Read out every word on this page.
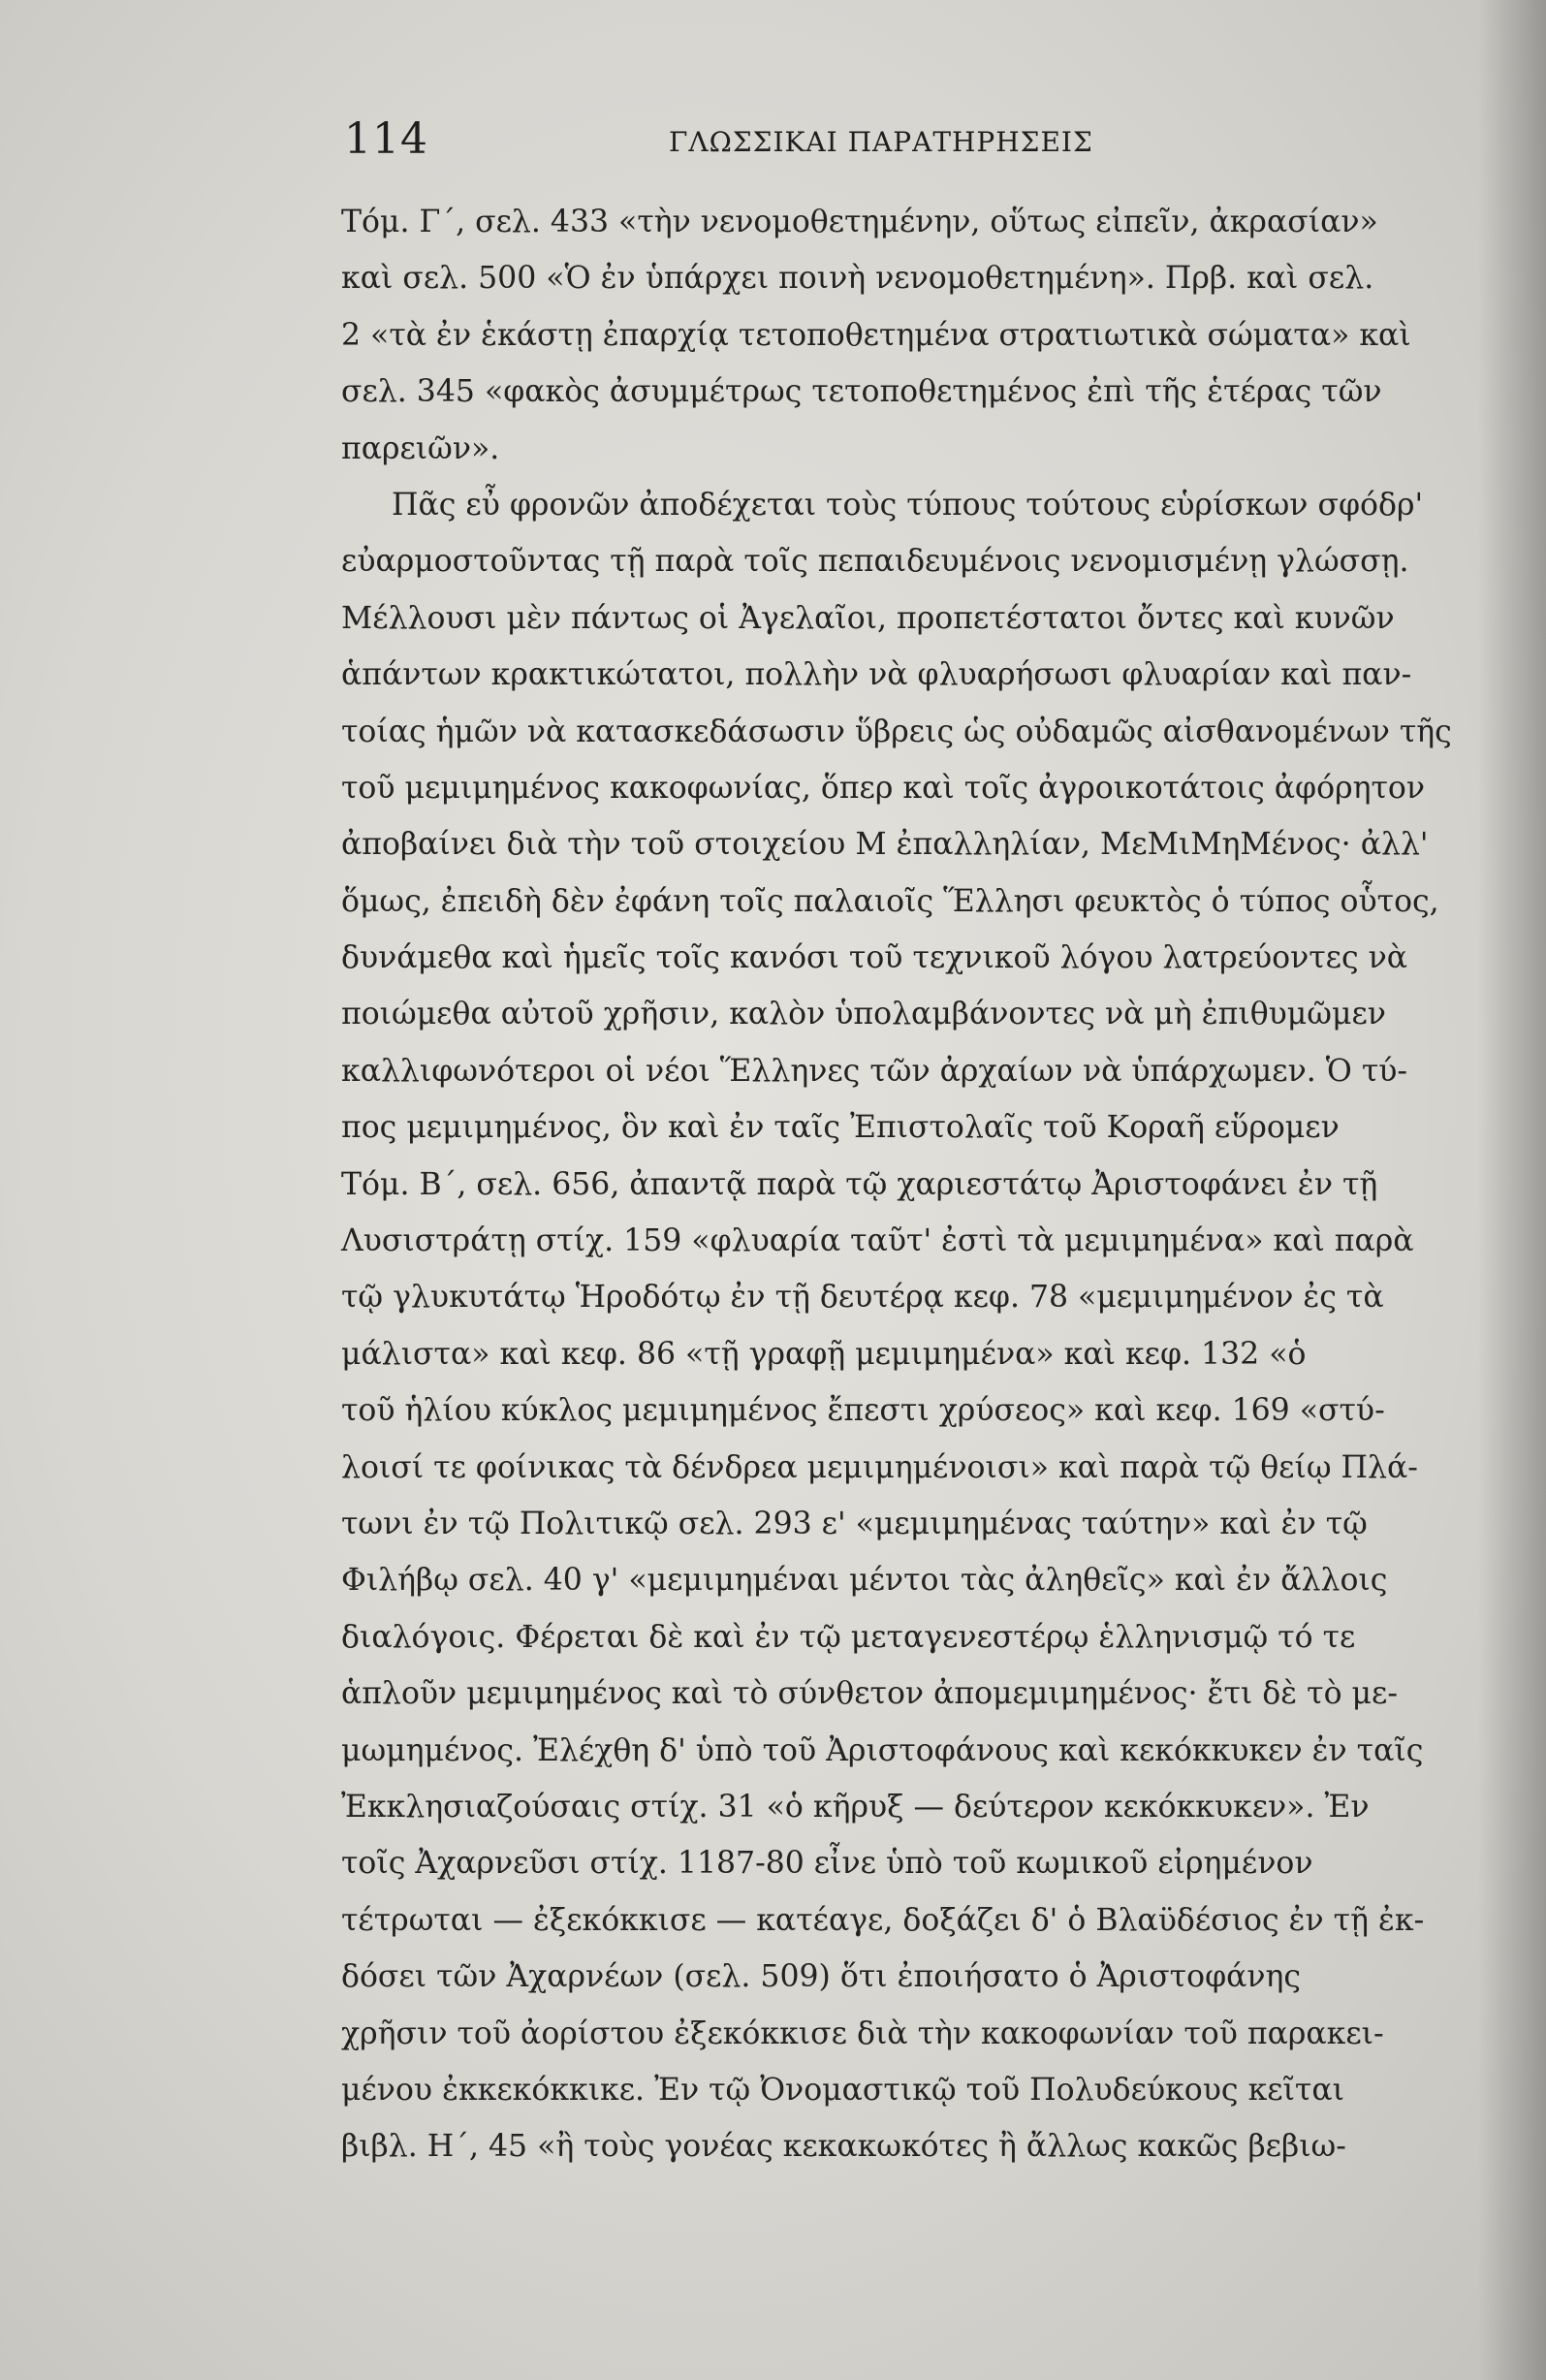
114	ΓΛΩΣΣΙΚΑΙ ΠΑΡΑΤΗΡΗΣΕΙΣ
Τόμ. Γ΄, σελ. 433 «τὴν νενομοθετημένην, οὕτως εἰπεῖν, ἀκρασίαν»
καὶ σελ. 500 «Ὁ ἐν ὑπάρχει ποινὴ νενομοθετημένη». Πρβ. καὶ σελ.
2 «τὰ ἐν ἑκάστῃ ἐπαρχίᾳ τετοποθετημένα στρατιωτικὰ σώματα» καὶ
σελ. 345 «φακὸς ἀσυμμέτρως τετοποθετημένος ἐπὶ τῆς ἑτέρας τῶν
παρειῶν».
Πᾶς εὖ φρονῶν ἀποδέχεται τοὺς τύπους τούτους εὑρίσκων σφόδρ'
εὐαρμοστοῦντας τῇ παρὰ τοῖς πεπαιδευμένοις νενομισμένῃ γλώσσῃ.
Μέλλουσι μὲν πάντως οἱ Ἀγελαῖοι, προπετέστατοι ὄντες καὶ κυνῶν
ἁπάντων κρακτικώτατοι, πολλὴν νὰ φλυαρήσωσι φλυαρίαν καὶ παν-
τοίας ἡμῶν νὰ κατασκεδάσωσιν ὕβρεις ὡς οὐδαμῶς αἰσθανομένων τῆς
τοῦ μεμιμημένος κακοφωνίας, ὅπερ καὶ τοῖς ἀγροικοτάτοις ἀφόρητον
ἀποβαίνει διὰ τὴν τοῦ στοιχείου Μ ἐπαλληλίαν, ΜεΜιΜηΜένος· ἀλλ'
ὅμως, ἐπειδὴ δὲν ἐφάνη τοῖς παλαιοῖς Ἕλλησι φευκτὸς ὁ τύπος οὗτος,
δυνάμεθα καὶ ἡμεῖς τοῖς κανόσι τοῦ τεχνικοῦ λόγου λατρεύοντες νὰ
ποιώμεθα αὐτοῦ χρῆσιν, καλὸν ὑπολαμβάνοντες νὰ μὴ ἐπιθυμῶμεν
καλλιφωνότεροι οἱ νέοι Ἕλληνες τῶν ἀρχαίων νὰ ὑπάρχωμεν. Ὁ τύ-
πος μεμιμημένος, ὃν καὶ ἐν ταῖς Ἐπιστολαῖς τοῦ Κοραῆ εὕρομεν
Τόμ. Β΄, σελ. 656, ἀπαντᾷ παρὰ τῷ χαριεστάτῳ Ἀριστοφάνει ἐν τῇ
Λυσιστράτῃ στίχ. 159 «φλυαρία ταῦτ' ἐστὶ τὰ μεμιμημένα» καὶ παρὰ
τῷ γλυκυτάτῳ Ἡροδότῳ ἐν τῇ δευτέρᾳ κεφ. 78 «μεμιμημένον ἐς τὰ
μάλιστα» καὶ κεφ. 86 «τῇ γραφῇ μεμιμημένα» καὶ κεφ. 132 «ὁ
τοῦ ἡλίου κύκλος μεμιμημένος ἔπεστι χρύσεος» καὶ κεφ. 169 «στύ-
λοισί τε φοίνικας τὰ δένδρεα μεμιμημένοισι» καὶ παρὰ τῷ θείῳ Πλά-
τωνι ἐν τῷ Πολιτικῷ σελ. 293 ε' «μεμιμημένας ταύτην» καὶ ἐν τῷ
Φιλήβῳ σελ. 40 γ' «μεμιμημέναι μέντοι τὰς ἀληθεῖς» καὶ ἐν ἄλλοις
διαλόγοις. Φέρεται δὲ καὶ ἐν τῷ μεταγενεστέρῳ ἑλληνισμῷ τό τε
ἁπλοῦν μεμιμημένος καὶ τὸ σύνθετον ἀπομεμιμημένος· ἔτι δὲ τὸ με-
μωμημένος. Ἐλέχθη δ' ὑπὸ τοῦ Ἀριστοφάνους καὶ κεκόκκυκεν ἐν ταῖς
Ἐκκλησιαζούσαις στίχ. 31 «ὁ κῆρυξ — δεύτερον κεκόκκυκεν». Ἐν
τοῖς Ἀχαρνεῦσι στίχ. 1187-80 εἶνε ὑπὸ τοῦ κωμικοῦ εἰρημένον
τέτρωται — ἐξεκόκκισε — κατέαγε, δοξάζει δ' ὁ Βλαϋδέσιος ἐν τῇ ἐκ-
δόσει τῶν Ἀχαρνέων (σελ. 509) ὅτι ἐποιήσατο ὁ Ἀριστοφάνης
χρῆσιν τοῦ ἀορίστου ἐξεκόκκισε διὰ τὴν κακοφωνίαν τοῦ παρακει-
μένου ἐκκεκόκκικε. Ἐν τῷ Ὀνομαστικῷ τοῦ Πολυδεύκους κεῖται
βιβλ. Η΄, 45 «ἢ τοὺς γονέας κεκακωκότες ἢ ἄλλως κακῶς βεβιω-
